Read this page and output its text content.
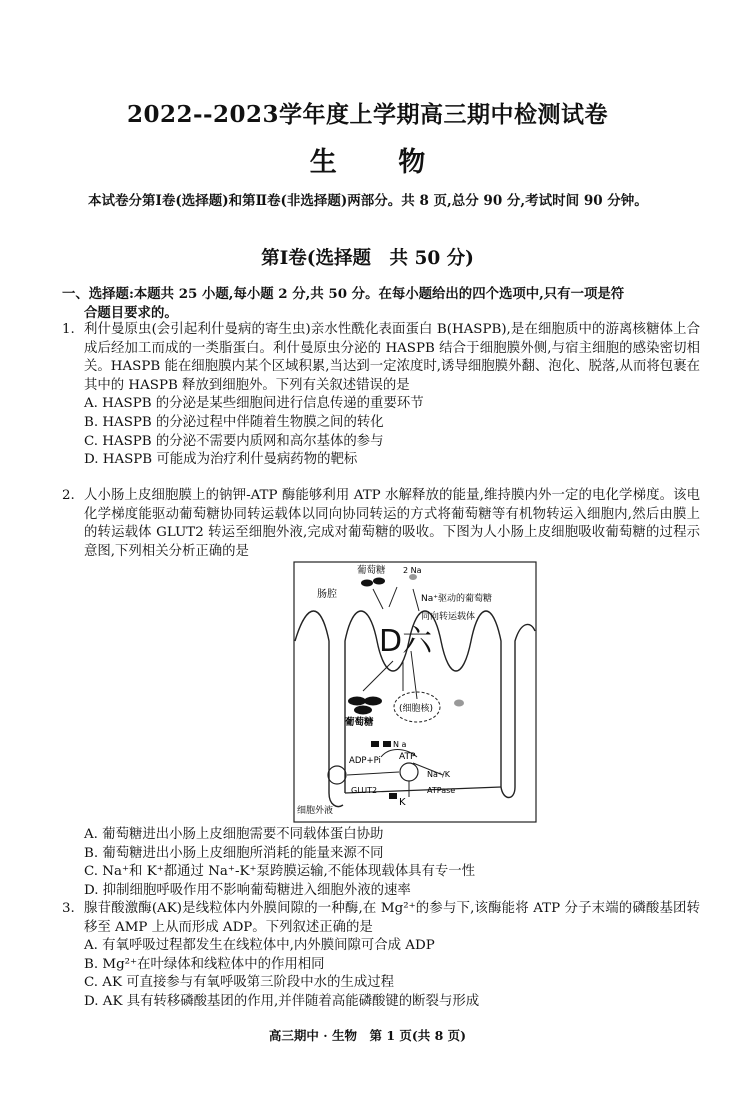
2022--2023学年度上学期高三期中检测试卷
生 物
本试卷分第Ⅰ卷(选择题)和第Ⅱ卷(非选择题)两部分。共 8 页,总分 90 分,考试时间 90 分钟。
第Ⅰ卷(选择题　共 50 分)
一、选择题:本题共 25 小题,每小题 2 分,共 50 分。在每小题给出的四个选项中,只有一项是符
合题目要求的。
1. 利什曼原虫(会引起利什曼病的寄生虫)亲水性酰化表面蛋白 B(HASPB),是在细胞质中的游离核糖体上合成后经加工而成的一类脂蛋白。利什曼原虫分泌的 HASPB 结合于细胞膜外侧,与宿主细胞的感染密切相关。HASPB 能在细胞膜内某个区域积累,当达到一定浓度时,诱导细胞膜外翻、泡化、脱落,从而将包裹在其中的 HASPB 释放到细胞外。下列有关叙述错误的是
A. HASPB 的分泌是某些细胞间进行信息传递的重要环节
B. HASPB 的分泌过程中伴随着生物膜之间的转化
C. HASPB 的分泌不需要内质网和高尔基体的参与
D. HASPB 可能成为治疗利什曼病药物的靶标
2. 人小肠上皮细胞膜上的钠钾-ATP 酶能够利用 ATP 水解释放的能量,维持膜内外一定的电化学梯度。该电化学梯度能驱动葡萄糖协同转运载体以同向协同转运的方式将葡萄糖等有机物转运入细胞内,然后由膜上的转运载体 GLUT2 转运至细胞外液,完成对葡萄糖的吸收。下图为人小肠上皮细胞吸收葡萄糖的过程示意图,下列相关分析正确的是
D六
肠腔
葡萄糖 2 Na
Na⁺驱动的葡萄糖
同向转运载体
葡萄糖
(细胞核)
N a
ADP+Pi ATP
Na⁺/K
ATPase
GLUT2
K
细胞外液
A. 葡萄糖进出小肠上皮细胞需要不同载体蛋白协助
B. 葡萄糖进出小肠上皮细胞所消耗的能量来源不同
C. Na⁺和 K⁺都通过 Na⁺-K⁺泵跨膜运输,不能体现载体具有专一性
D. 抑制细胞呼吸作用不影响葡萄糖进入细胞外液的速率
3. 腺苷酸激酶(AK)是线粒体内外膜间隙的一种酶,在 Mg²⁺的参与下,该酶能将 ATP 分子末端的磷酸基团转移至 AMP 上从而形成 ADP。下列叙述正确的是
A. 有氧呼吸过程都发生在线粒体中,内外膜间隙可合成 ADP
B. Mg²⁺在叶绿体和线粒体中的作用相同
C. AK 可直接参与有氧呼吸第三阶段中水的生成过程
D. AK 具有转移磷酸基团的作用,并伴随着高能磷酸键的断裂与形成
高三期中 · 生物　第 1 页(共 8 页)
